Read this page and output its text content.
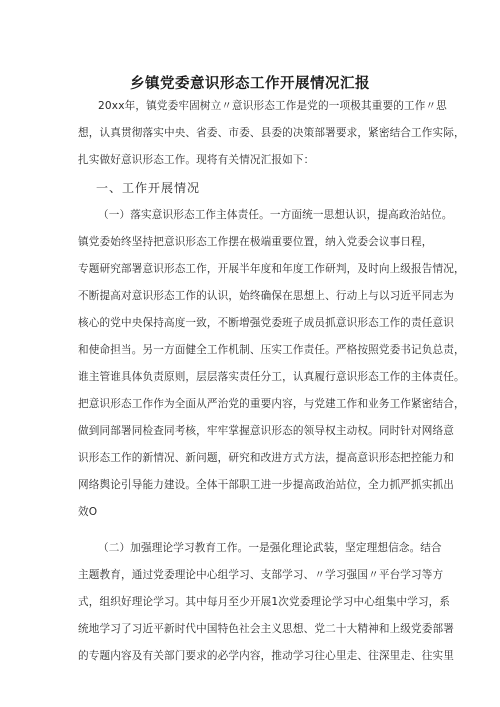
乡镇党委意识形态工作开展情况汇报
20xx年，镇党委牢固树立〃意识形态工作是党的一项极其重要的工作〃思
想，认真贯彻落实中央、省委、市委、县委的决策部署要求，紧密结合工作实际，
扎实做好意识形态工作。现将有关情况汇报如下：
一、工作开展情况
（一）落实意识形态工作主体责任。一方面统一思想认识，提高政治站位。
镇党委始终坚持把意识形态工作摆在极端重要位置，纳入党委会议事日程，
专题研究部署意识形态工作，开展半年度和年度工作研判，及时向上级报告情况，
不断提高对意识形态工作的认识，始终确保在思想上、行动上与以习近平同志为
核心的党中央保持高度一致，不断增强党委班子成员抓意识形态工作的责任意识
和使命担当。另一方面健全工作机制、压实工作责任。严格按照党委书记负总责，
谁主管谁具体负责原则，层层落实责任分工，认真履行意识形态工作的主体责任。
把意识形态工作作为全面从严治党的重要内容，与党建工作和业务工作紧密结合，
做到同部署同检查同考核，牢牢掌握意识形态的领导权主动权。同时针对网络意
识形态工作的新情况、新问题，研究和改进方式方法，提高意识形态把控能力和
网络舆论引导能力建设。全体干部职工进一步提高政治站位，全力抓严抓实抓出
效O
（二）加强理论学习教育工作。一是强化理论武装，坚定理想信念。结合
主题教育，通过党委理论中心组学习、支部学习、〃学习强国〃平台学习等方
式，组织好理论学习。其中每月至少开展1次党委理论学习中心组集中学习，系
统地学习了习近平新时代中国特色社会主义思想、党二十大精神和上级党委部署
的专题内容及有关部门要求的必学内容，推动学习往心里走、往深里走、往实里
